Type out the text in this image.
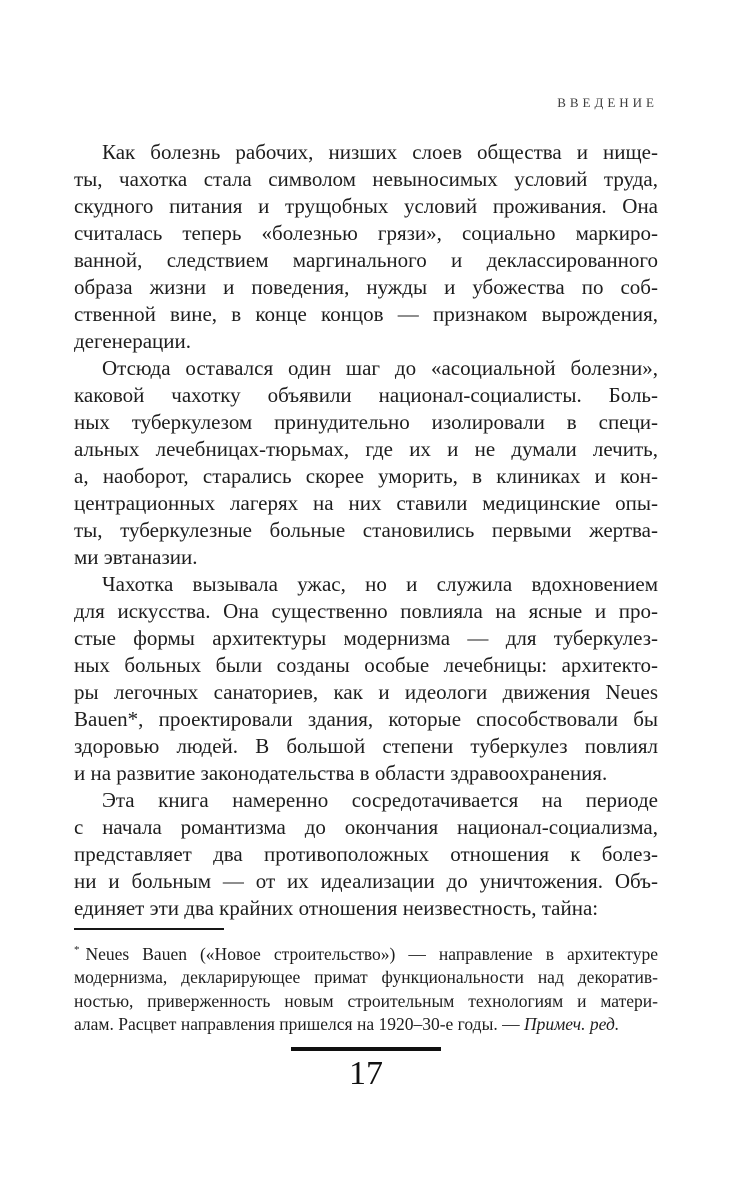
ВВЕДЕНИЕ
Как болезнь рабочих, низших слоев общества и нище-
ты, чахотка стала символом невыносимых условий труда,
скудного питания и трущобных условий проживания. Она
считалась теперь «болезнью грязи», социально маркиро-
ванной, следствием маргинального и деклассированного
образа жизни и поведения, нужды и убожества по соб-
ственной вине, в конце концов — признаком вырождения,
дегенерации.
Отсюда оставался один шаг до «асоциальной болезни»,
каковой чахотку объявили национал-социалисты. Боль-
ных туберкулезом принудительно изолировали в специ-
альных лечебницах-тюрьмах, где их и не думали лечить,
а, наоборот, старались скорее уморить, в клиниках и кон-
центрационных лагерях на них ставили медицинские опы-
ты, туберкулезные больные становились первыми жертва-
ми эвтаназии.
Чахотка вызывала ужас, но и служила вдохновением
для искусства. Она существенно повлияла на ясные и про-
стые формы архитектуры модернизма — для туберкулез-
ных больных были созданы особые лечебницы: архитекто-
ры легочных санаториев, как и идеологи движения Neues
Bauen*, проектировали здания, которые способствовали бы
здоровью людей. В большой степени туберкулез повлиял
и на развитие законодательства в области здравоохранения.
Эта книга намеренно сосредотачивается на периоде
с начала романтизма до окончания национал-социализма,
представляет два противоположных отношения к болез-
ни и больным — от их идеализации до уничтожения. Объ-
единяет эти два крайних отношения неизвестность, тайна:
* Neues Bauen («Новое строительство») — направление в архитектуре
модернизма, декларирующее примат функциональности над декоратив-
ностью, приверженность новым строительным технологиям и матери-
алам. Расцвет направления пришелся на 1920–30-е годы. — Примеч. ред.
17
